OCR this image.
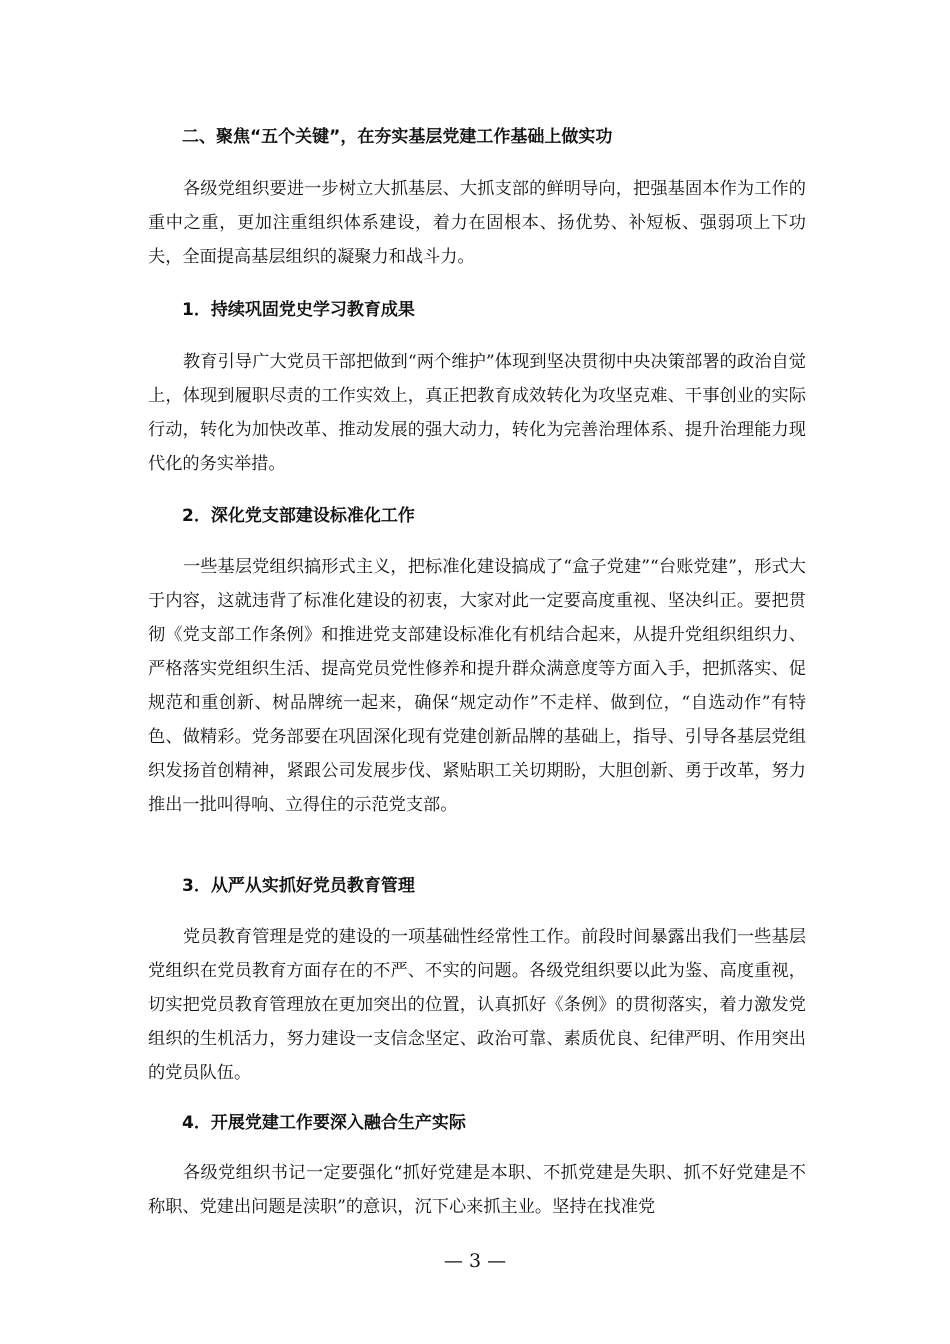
二、聚焦“五个关键”，在夯实基层党建工作基础上做实功
各级党组织要进一步树立大抓基层、大抓支部的鲜明导向，把强基固本作为工作的重中之重，更加注重组织体系建设，着力在固根本、扬优势、补短板、强弱项上下功夫，全面提高基层组织的凝聚力和战斗力。
1．持续巩固党史学习教育成果
教育引导广大党员干部把做到“两个维护”体现到坚决贯彻中央决策部署的政治自觉上，体现到履职尽责的工作实效上，真正把教育成效转化为攻坚克难、干事创业的实际行动，转化为加快改革、推动发展的强大动力，转化为完善治理体系、提升治理能力现代化的务实举措。
2．深化党支部建设标准化工作
一些基层党组织搞形式主义，把标准化建设搞成了“盒子党建”“台账党建”，形式大于内容，这就违背了标准化建设的初衷，大家对此一定要高度重视、坚决纠正。要把贯彻《党支部工作条例》和推进党支部建设标准化有机结合起来，从提升党组织组织力、严格落实党组织生活、提高党员党性修养和提升群众满意度等方面入手，把抓落实、促规范和重创新、树品牌统一起来，确保“规定动作”不走样、做到位，“自选动作”有特色、做精彩。党务部要在巩固深化现有党建创新品牌的基础上，指导、引导各基层党组织发扬首创精神，紧跟公司发展步伐、紧贴职工关切期盼，大胆创新、勇于改革，努力推出一批叫得响、立得住的示范党支部。
3．从严从实抓好党员教育管理
党员教育管理是党的建设的一项基础性经常性工作。前段时间暴露出我们一些基层党组织在党员教育方面存在的不严、不实的问题。各级党组织要以此为鉴、高度重视，切实把党员教育管理放在更加突出的位置，认真抓好《条例》的贯彻落实，着力激发党组织的生机活力，努力建设一支信念坚定、政治可靠、素质优良、纪律严明、作用突出的党员队伍。
4．开展党建工作要深入融合生产实际
各级党组织书记一定要强化“抓好党建是本职、不抓党建是失职、抓不好党建是不称职、党建出问题是渎职”的意识，沉下心来抓主业。坚持在找准党
— 3 —
